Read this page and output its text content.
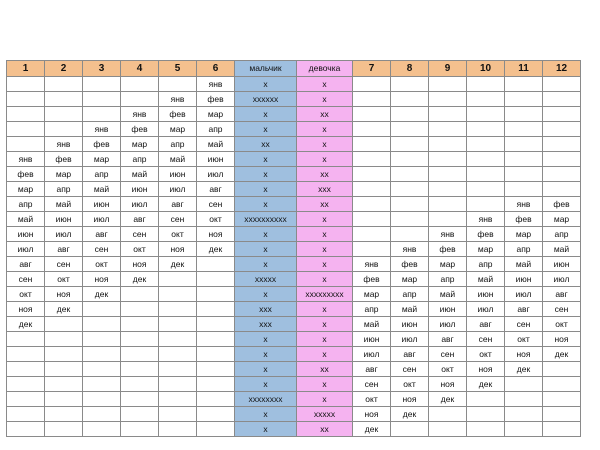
1	2	3	4	5	6	мальчик	девочка	7	8	9	10	11	12
					янв	x	x						
				янв	фев	xxxxxx	x						
			янв	фев	мар	x	xx						
		янв	фев	мар	апр	x	x						
	янв	фев	мар	апр	май	xx	x						
янв	фев	мар	апр	май	июн	x	x						
фев	мар	апр	май	июн	июл	x	xx						
мар	апр	май	июн	июл	авг	x	xxx						
апр	май	июн	июл	авг	сен	x	xx					янв	фев
май	июн	июл	авг	сен	окт	xxxxxxxxxx	x				янв	фев	мар
июн	июл	авг	сен	окт	ноя	x	x			янв	фев	мар	апр
июл	авг	сен	окт	ноя	дек	x	x		янв	фев	мар	апр	май
авг	сен	окт	ноя	дек		x	x	янв	фев	мар	апр	май	июн
сен	окт	ноя	дек			xxxxx	x	фев	мар	апр	май	июн	июл
окт	ноя	дек				x	xxxxxxxxx	мар	апр	май	июн	июл	авг
ноя	дек					xxx	x	апр	май	июн	июл	авг	сен
дек						xxx	x	май	июн	июл	авг	сен	окт
						x	x	июн	июл	авг	сен	окт	ноя
						x	x	июл	авг	сен	окт	ноя	дек
						x	xx	авг	сен	окт	ноя	дек	
						x	x	сен	окт	ноя	дек		
						xxxxxxxx	x	окт	ноя	дек			
						x	xxxxx	ноя	дек				
						x	xx	дек					
